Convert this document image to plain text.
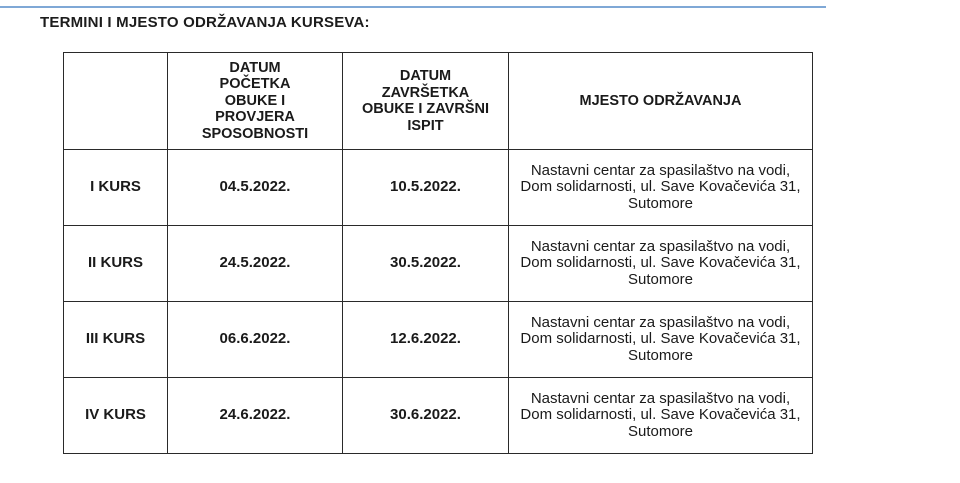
TERMINI I MJESTO ODRŽAVANJA KURSEVA:
	DATUM POČETKA OBUKE I PROVJERA SPOSOBNOSTI	DATUM ZAVRŠETKA OBUKE I ZAVRŠNI ISPIT	MJESTO ODRŽAVANJA
I KURS	04.5.2022.	10.5.2022.	Nastavni centar za spasilaštvo na vodi, Dom solidarnosti, ul. Save Kovačevića 31, Sutomore
II KURS	24.5.2022.	30.5.2022.	Nastavni centar za spasilaštvo na vodi, Dom solidarnosti, ul. Save Kovačevića 31, Sutomore
III KURS	06.6.2022.	12.6.2022.	Nastavni centar za spasilaštvo na vodi, Dom solidarnosti, ul. Save Kovačevića 31, Sutomore
IV KURS	24.6.2022.	30.6.2022.	Nastavni centar za spasilaštvo na vodi, Dom solidarnosti, ul. Save Kovačevića 31, Sutomore
